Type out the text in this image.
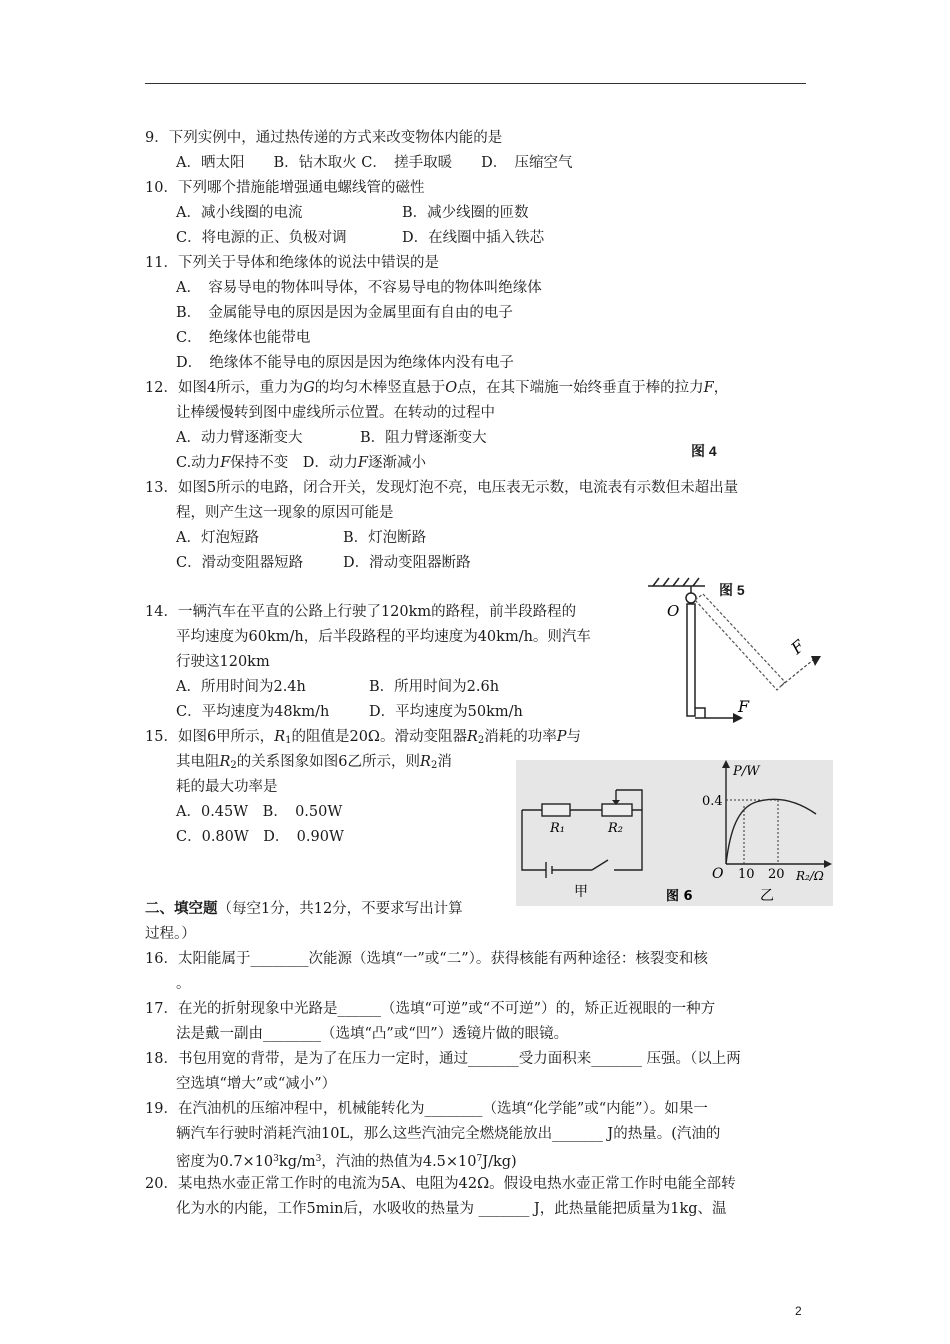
9．下列实例中，通过热传递的方式来改变物体内能的是
A．晒太阳　　B．钻木取火 C．　搓手取暖　　D．　压缩空气
10．下列哪个措施能增强通电螺线管的磁性
A．减小线圈的电流	B．减少线圈的匝数
C．将电源的正、负极对调	D．在线圈中插入铁芯
11．下列关于导体和绝缘体的说法中错误的是
A．　容易导电的物体叫导体，不容易导电的物体叫绝缘体
B．　金属能导电的原因是因为金属里面有自由的电子
C．　绝缘体也能带电
D．　绝缘体不能导电的原因是因为绝缘体内没有电子
12．如图4所示，重力为G的均匀木棒竖直悬于O点，在其下端施一始终垂直于棒的拉力F，
让棒缓慢转到图中虚线所示位置。在转动的过程中
A．动力臂逐渐变大	B．阻力臂逐渐变大
C.动力F保持不变　 D．动力F逐渐减小
图 4
13．如图5所示的电路，闭合开关，发现灯泡不亮，电压表无示数，电流表有示数但未超出量
程，则产生这一现象的原因可能是
A．灯泡短路	B．灯泡断路
C．滑动变阻器短路	D．滑动变阻器断路
图 5
O
F
F
14．一辆汽车在平直的公路上行驶了120km的路程，前半段路程的
平均速度为60km/h，后半段路程的平均速度为40km/h。则汽车
行驶这120km
A．所用时间为2.4h	B．所用时间为2.6h
C．平均速度为48km/h	D．平均速度为50km/h
15．如图6甲所示，$R_1$的阻值是20Ω。滑动变阻器$R_2$消耗的功率P与
其电阻$R_2$的关系图象如图6乙所示，则$R_2$消
耗的最大功率是
A．0.45W　B．　0.50W
C．0.80W　D．　0.90W
R₁	R₂
甲
P/W
0.4
O 10 20 R₂/Ω
图 6	乙
二、填空题（每空1分，共12分，不要求写出计算
过程。）
16．太阳能属于________次能源（选填“一”或“二”）。获得核能有两种途径：核裂变和核
。
17．在光的折射现象中光路是______（选填“可逆”或“不可逆”）的，矫正近视眼的一种方
法是戴一副由________（选填“凸”或“凹”）透镜片做的眼镜。
18．书包用宽的背带，是为了在压力一定时，通过_______受力面积来_______ 压强。（以上两
空选填“增大”或“减小”）
19．在汽油机的压缩冲程中，机械能转化为________（选填“化学能”或“内能”）。如果一
辆汽车行驶时消耗汽油10L，那么这些汽油完全燃烧能放出_______ J的热量。(汽油的
密度为$0.7\times 10^3kg/m^3$，汽油的热值为$4.5\times 10^7J/kg$)
20．某电热水壶正常工作时的电流为5A、电阻为42Ω。假设电热水壶正常工作时电能全部转
化为水的内能，工作5min后，水吸收的热量为 _______ J，此热量能把质量为1kg、温
2
